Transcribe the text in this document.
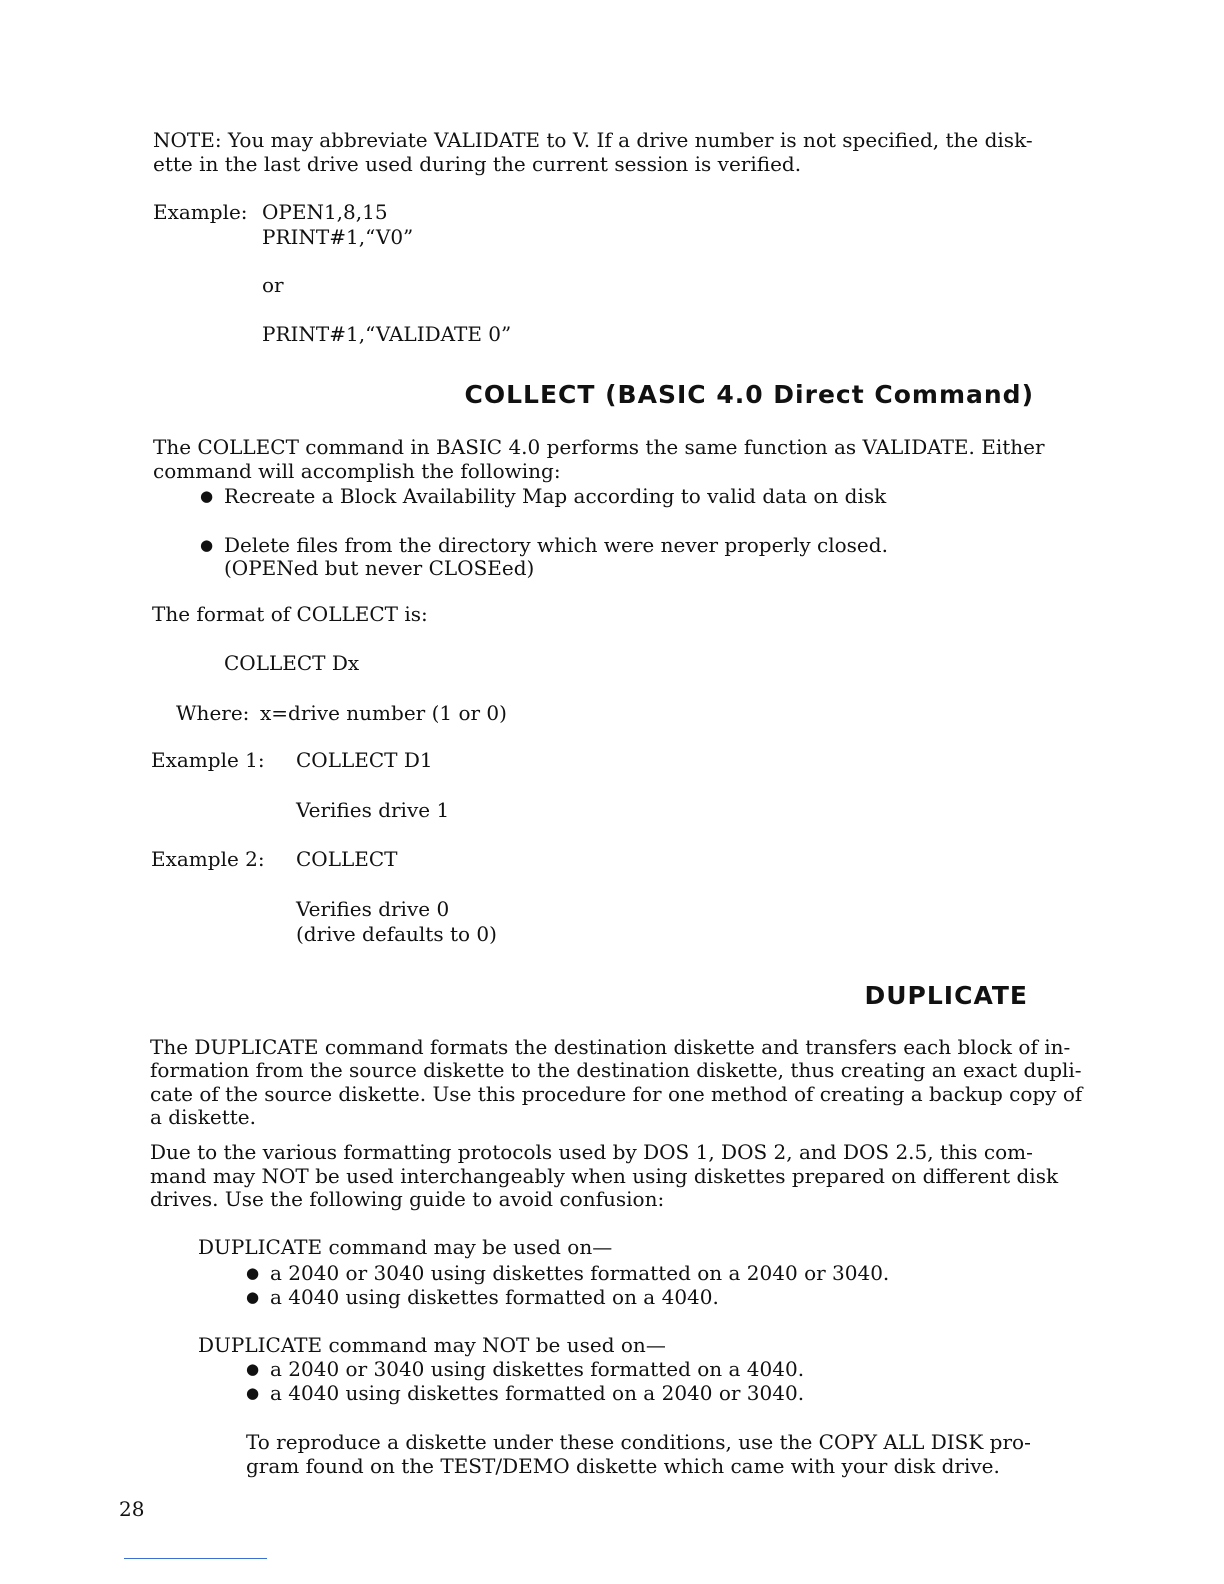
NOTE: You may abbreviate VALIDATE to V. If a drive number is not specified, the disk-
ette in the last drive used during the current session is verified.
Example: OPEN1,8,15
PRINT#1,“V0”
or
PRINT#1,“VALIDATE 0”
COLLECT (BASIC 4.0 Direct Command)
The COLLECT command in BASIC 4.0 performs the same function as VALIDATE. Either
command will accomplish the following:
●Recreate a Block Availability Map according to valid data on disk
●Delete files from the directory which were never properly closed.
(OPENed but never CLOSEed)
The format of COLLECT is:
COLLECT Dx
Where: x=drive number (1 or 0)
Example 1: COLLECT D1
Verifies drive 1
Example 2: COLLECT
Verifies drive 0
(drive defaults to 0)
DUPLICATE
The DUPLICATE command formats the destination diskette and transfers each block of in-
formation from the source diskette to the destination diskette, thus creating an exact dupli-
cate of the source diskette. Use this procedure for one method of creating a backup copy of
a diskette.
Due to the various formatting protocols used by DOS 1, DOS 2, and DOS 2.5, this com-
mand may NOT be used interchangeably when using diskettes prepared on different disk
drives. Use the following guide to avoid confusion:
DUPLICATE command may be used on—
●a 2040 or 3040 using diskettes formatted on a 2040 or 3040.
●a 4040 using diskettes formatted on a 4040.
DUPLICATE command may NOT be used on—
●a 2040 or 3040 using diskettes formatted on a 4040.
●a 4040 using diskettes formatted on a 2040 or 3040.
To reproduce a diskette under these conditions, use the COPY ALL DISK pro-
gram found on the TEST/DEMO diskette which came with your disk drive.
28
